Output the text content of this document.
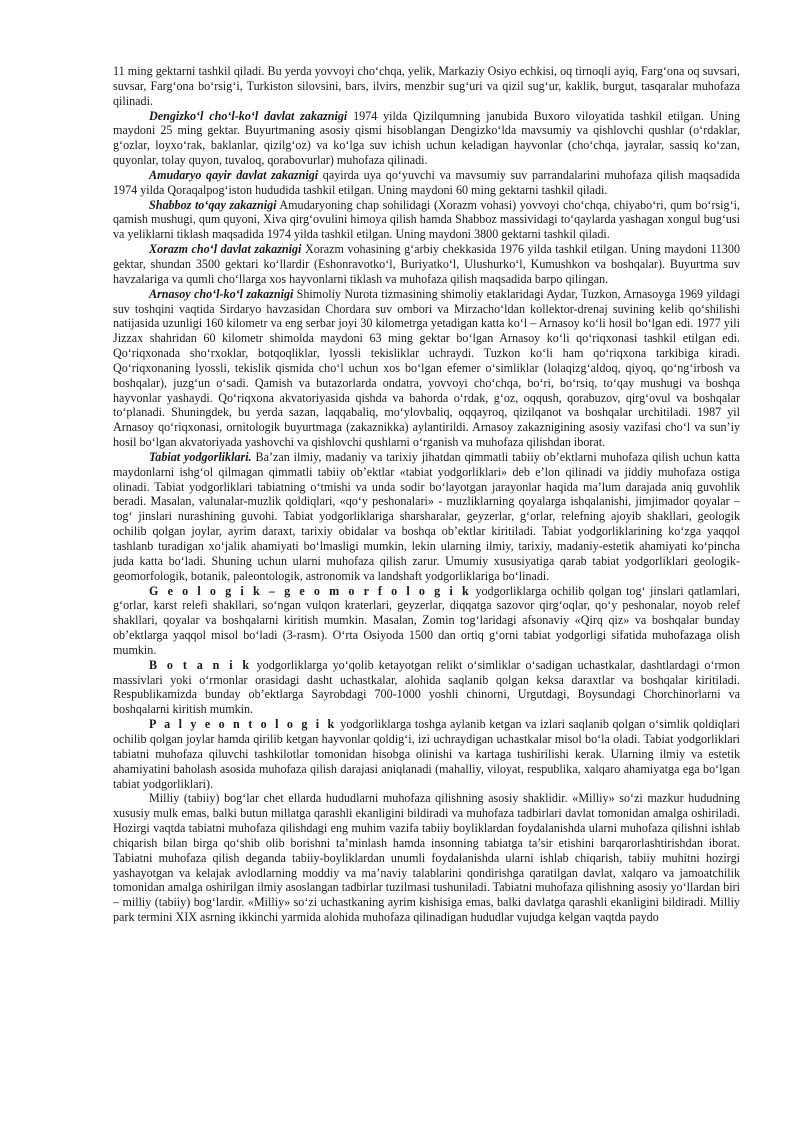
11 ming gektarni tashkil qiladi. Bu yerda yovvoyi cho‘chqa, yelik, Markaziy Osiyo echkisi, oq tirnoqli ayiq, Farg‘ona oq suvsari, suvsar, Farg‘ona bo‘rsig‘i, Turkiston silovsini, bars, ilvirs, menzbir sug‘uri va qizil sug‘ur, kaklik, burgut, tasqaralar muhofaza qilinadi.

Dengizko‘l cho‘l-ko‘l davlat zakaznigi 1974 yilda Qizilqumning janubida Buxoro viloyatida tashkil etilgan. Uning maydoni 25 ming gektar. Buyurtmaning asosiy qismi hisoblangan Dengizko‘lda mavsumiy va qishlovchi qushlar (o‘rdaklar, g‘ozlar, loyxo‘rak, baklanlar, qizilg‘oz) va ko‘lga suv ichish uchun keladigan hayvonlar (cho‘chqa, jayralar, sassiq ko‘zan, quyonlar, tolay quyon, tuvaloq, qorabovurlar) muhofaza qilinadi.

Amudaryo qayir davlat zakaznigi qayirda uya qo‘yuvchi va mavsumiy suv parrandalarini muhofaza qilish maqsadida 1974 yilda Qoraqalpog‘iston hududida tashkil etilgan. Uning maydoni 60 ming gektarni tashkil qiladi.

Shabboz to‘qay zakaznigi Amudaryoning chap sohilidagi (Xorazm vohasi) yovvoyi cho‘chqa, chiyabo‘ri, qum bo‘rsig‘i, qamish mushugi, qum quyoni, Xiva qirg‘ovulini himoya qilish hamda Shabboz massividagi to‘qaylarda yashagan xongul bug‘usi va yeliklarni tiklash maqsadida 1974 yilda tashkil etilgan. Uning maydoni 3800 gektarni tashkil qiladi.

Xorazm cho‘l davlat zakaznigi Xorazm vohasining g‘arbiy chekkasida 1976 yilda tashkil etilgan. Uning maydoni 11300 gektar, shundan 3500 gektari ko‘llardir (Eshonravotko‘l, Buriyatko‘l, Ulushurko‘l, Kumushkon va boshqalar). Buyurtma suv havzalariga va qumli cho‘llarga xos hayvonlarni tiklash va muhofaza qilish maqsadida barpo qilingan.

Arnasoy cho‘l-ko‘l zakaznigi Shimoliy Nurota tizmasining shimoliy etaklaridagi Aydar, Tuzkon, Arnasoyga 1969 yildagi suv toshqini vaqtida Sirdaryo havzasidan Chordara suv ombori va Mirzacho‘ldan kollektor-drenaj suvining kelib qo‘shilishi natijasida uzunligi 160 kilometr va eng serbar joyi 30 kilometrga yetadigan katta ko‘l – Arnasoy ko‘li hosil bo‘lgan edi. 1977 yili Jizzax shahridan 60 kilometr shimolda maydoni 63 ming gektar bo‘lgan Arnasoy ko‘li qo‘riqxonasi tashkil etilgan edi. Qo‘riqxonada sho‘rxoklar, botqoqliklar, lyossli tekisliklar uchraydi. Tuzkon ko‘li ham qo‘riqxona tarkibiga kiradi. Qo‘riqxonaning lyossli, tekislik qismida cho‘l uchun xos bo‘lgan efemer o‘simliklar (lolaqizg‘aldoq, qiyoq, qo‘ng‘irbosh va boshqalar), juzg‘un o‘sadi. Qamish va butazorlarda ondatra, yovvoyi cho‘chqa, bo‘ri, bo‘rsiq, to‘qay mushugi va boshqa hayvonlar yashaydi. Qo‘riqxona akvatoriyasida qishda va bahorda o‘rdak, g‘oz, oqqush, qorabuzov, qirg‘ovul va boshqalar to‘planadi. Shuningdek, bu yerda sazan, laqqabaliq, mo‘ylovbaliq, oqqayroq, qizilqanot va boshqalar urchitiladi. 1987 yil Arnasoy qo‘riqxonasi, ornitologik buyurtmaga (zakaznikka) aylantirildi. Arnasoy zakaznigining asosiy vazifasi cho‘l va sun’iy hosil bo‘lgan akvatoriyada yashovchi va qishlovchi qushlarni o‘rganish va muhofaza qilishdan iborat.

Tabiat yodgorliklari. Ba’zan ilmiy, madaniy va tarixiy jihatdan qimmatli tabiiy ob’ektlarni muhofaza qilish uchun katta maydonlarni ishg‘ol qilmagan qimmatli tabiiy ob’ektlar «tabiat yodgorliklari» deb e’lon qilinadi va jiddiy muhofaza ostiga olinadi. Tabiat yodgorliklari tabiatning o‘tmishi va unda sodir bo‘layotgan jarayonlar haqida ma’lum darajada aniq guvohlik beradi. Masalan, valunalar-muzlik qoldiqlari, «qo‘y peshonalari» - muzliklarning qoyalarga ishqalanishi, jimjimador qoyalar – tog‘ jinslari nurashining guvohi. Tabiat yodgorliklariga sharsharalar, geyzerlar, g‘orlar, relefning ajoyib shakllari, geologik ochilib qolgan joylar, ayrim daraxt, tarixiy obidalar va boshqa ob’ektlar kiritiladi. Tabiat yodgorliklarining ko‘zga yaqqol tashlanb turadigan xo‘jalik ahamiyati bo‘lmasligi mumkin, lekin ularning ilmiy, tarixiy, madaniy-estetik ahamiyati ko‘pincha juda katta bo‘ladi. Shuning uchun ularni muhofaza qilish zarur. Umumiy xususiyatiga qarab tabiat yodgorliklari geologik-geomorfologik, botanik, paleontologik, astronomik va landshaft yodgorliklariga bo‘linadi.

G e o l o g i k – g e o m o r f o l o g i k yodgorliklarga ochilib qolgan tog‘ jinslari qatlamlari, g‘orlar, karst relefi shakllari, so‘ngan vulqon kraterlari, geyzerlar, diqqatga sazovor qirg‘oqlar, qo‘y peshonalar, noyob relef shakllari, qoyalar va boshqalarni kiritish mumkin. Masalan, Zomin tog‘laridagi afsonaviy «Qirq qiz» va boshqalar bunday ob’ektlarga yaqqol misol bo‘ladi (3-rasm). O‘rta Osiyoda 1500 dan ortiq g‘orni tabiat yodgorligi sifatida muhofazaga olish mumkin.

B o t a n i k yodgorliklarga yo‘qolib ketayotgan relikt o‘simliklar o‘sadigan uchastkalar, dashtlardagi o‘rmon massivlari yoki o‘rmonlar orasidagi dasht uchastkalar, alohida saqlanib qolgan keksa daraxtlar va boshqalar kiritiladi. Respublikamizda bunday ob’ektlarga Sayrobdagi 700-1000 yoshli chinorni, Urgutdagi, Boysundagi Chorchinorlarni va boshqalarni kiritish mumkin.

P a l y e o n t o l o g i k yodgorliklarga toshga aylanib ketgan va izlari saqlanib qolgan o‘simlik qoldiqlari ochilib qolgan joylar hamda qirilib ketgan hayvonlar qoldig‘i, izi uchraydigan uchastkalar misol bo‘la oladi. Tabiat yodgorliklari tabiatni muhofaza qiluvchi tashkilotlar tomonidan hisobga olinishi va kartaga tushirilishi kerak. Ularning ilmiy va estetik ahamiyatini baholash asosida muhofaza qilish darajasi aniqlanadi (mahalliy, viloyat, respublika, xalqaro ahamiyatga ega bo‘lgan tabiat yodgorliklari).

Milliy (tabiiy) bog‘lar chet ellarda hududlarni muhofaza qilishning asosiy shaklidir. «Milliy» so‘zi mazkur hududning xususiy mulk emas, balki butun millatga qarashli ekanligini bildiradi va muhofaza tadbirlari davlat tomonidan amalga oshiriladi. Hozirgi vaqtda tabiatni muhofaza qilishdagi eng muhim vazifa tabiiy boyliklardan foydalanishda ularni muhofaza qilishni ishlab chiqarish bilan birga qo‘shib olib borishni ta’minlash hamda insonning tabiatga ta’sir etishini barqarorlashtirishdan iborat. Tabiatni muhofaza qilish deganda tabiiy-boyliklardan unumli foydalanishda ularni ishlab chiqarish, tabiiy muhitni hozirgi yashayotgan va kelajak avlodlarning moddiy va ma’naviy talablarini qondirishga qaratilgan davlat, xalqaro va jamoatchilik tomonidan amalga oshirilgan ilmiy asoslangan tadbirlar tuzilmasi tushuniladi. Tabiatni muhofaza qilishning asosiy yo‘llardan biri – milliy (tabiiy) bog‘lardir. «Milliy» so‘zi uchastkaning ayrim kishisiga emas, balki davlatga qarashli ekanligini bildiradi. Milliy park termini XIX asrning ikkinchi yarmida alohida muhofaza qilinadigan hududlar vujudga kelgan vaqtda paydo
